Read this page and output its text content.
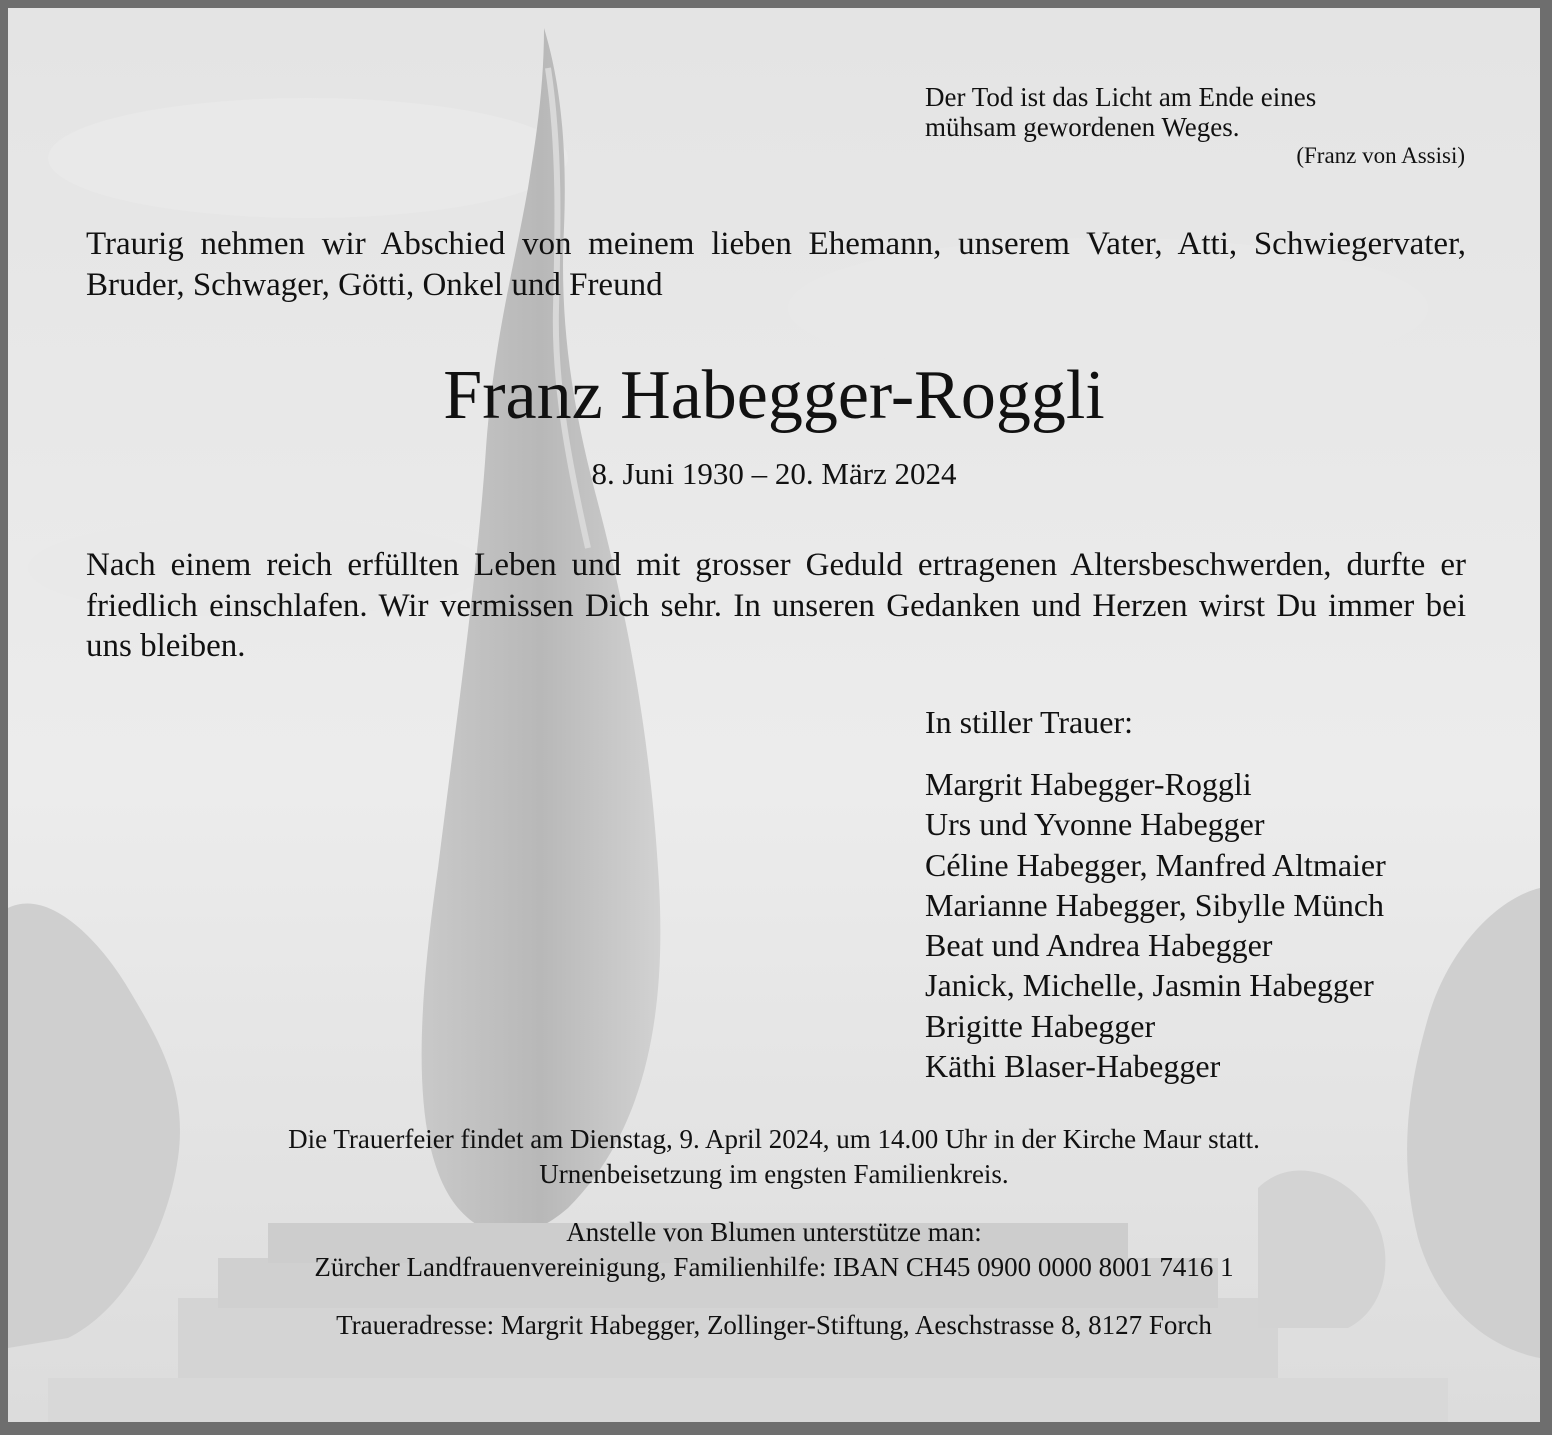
Der Tod ist das Licht am Ende eines
mühsam gewordenen Weges.
(Franz von Assisi)
Traurig nehmen wir Abschied von meinem lieben Ehemann, unserem Vater, Atti, Schwiegervater, Bruder, Schwager, Götti, Onkel und Freund
Franz Habegger-Roggli
8. Juni 1930 – 20. März 2024
Nach einem reich erfüllten Leben und mit grosser Geduld ertragenen Altersbeschwerden, durfte er friedlich einschlafen. Wir vermissen Dich sehr. In unseren Gedanken und Herzen wirst Du immer bei uns bleiben.
In stiller Trauer:
Margrit Habegger-Roggli
Urs und Yvonne Habegger
Céline Habegger, Manfred Altmaier
Marianne Habegger, Sibylle Münch
Beat und Andrea Habegger
Janick, Michelle, Jasmin Habegger
Brigitte Habegger
Käthi Blaser-Habegger
Die Trauerfeier findet am Dienstag, 9. April 2024, um 14.00 Uhr in der Kirche Maur statt.
Urnenbeisetzung im engsten Familienkreis.
Anstelle von Blumen unterstütze man:
Zürcher Landfrauenvereinigung, Familienhilfe: IBAN CH45 0900 0000 8001 7416 1
Traueradresse: Margrit Habegger, Zollinger-Stiftung, Aeschstrasse 8, 8127 Forch
